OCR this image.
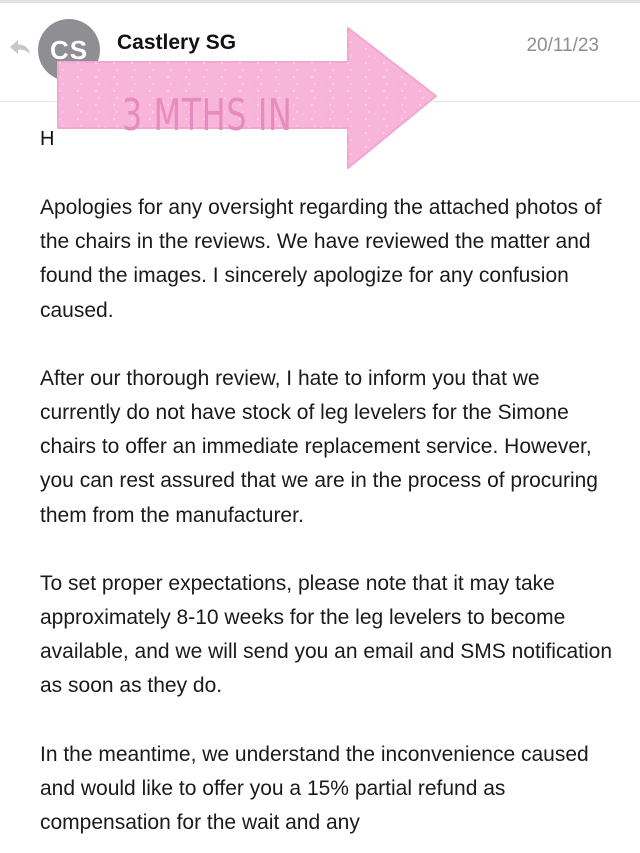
CS	Castlery SG	20/11/23
H

Apologies for any oversight regarding the attached photos of the chairs in the reviews. We have reviewed the matter and found the images. I sincerely apologize for any confusion caused.

After our thorough review, I hate to inform you that we currently do not have stock of leg levelers for the Simone chairs to offer an immediate replacement service. However, you can rest assured that we are in the process of procuring them from the manufacturer.

To set proper expectations, please note that it may take approximately 8-10 weeks for the leg levelers to become available, and we will send you an email and SMS notification as soon as they do.

In the meantime, we understand the inconvenience caused and would like to offer you a 15% partial refund as compensation for the wait and any

3 MTHS IN
